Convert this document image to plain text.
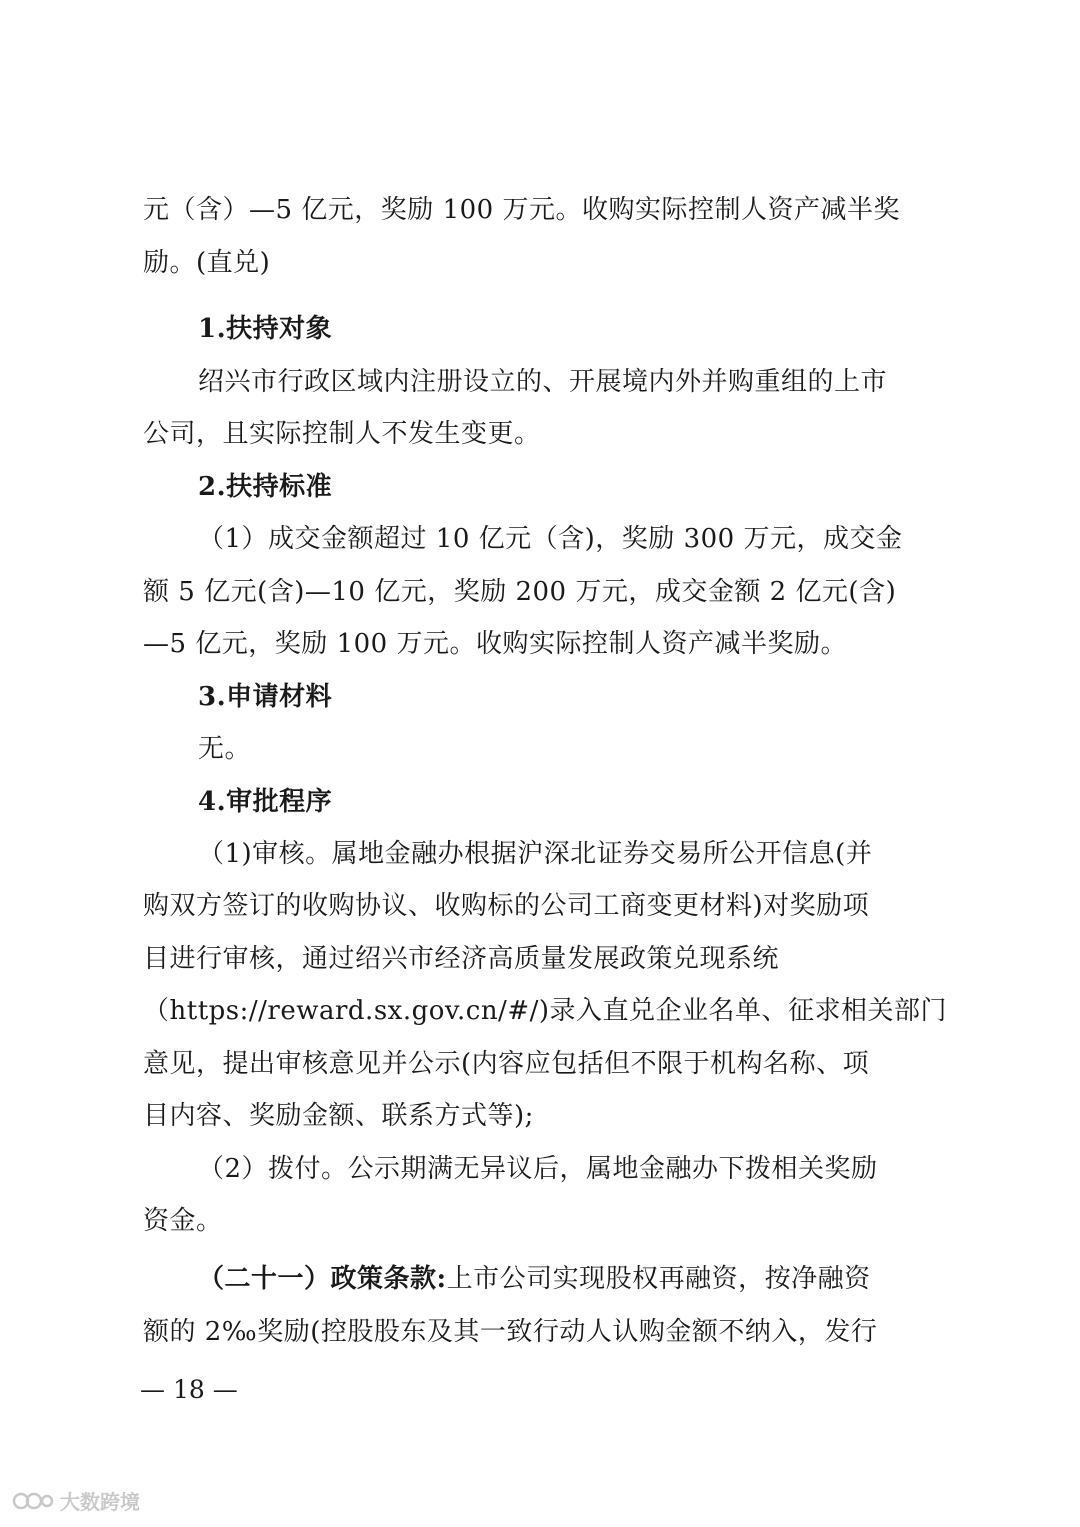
元（含）—5 亿元，奖励 100 万元。收购实际控制人资产减半奖
励。(直兑)
1.扶持对象
绍兴市行政区域内注册设立的、开展境内外并购重组的上市
公司，且实际控制人不发生变更。
2.扶持标准
（1）成交金额超过 10 亿元（含)，奖励 300 万元，成交金
额 5 亿元(含)—10 亿元，奖励 200 万元，成交金额 2 亿元(含)
—5 亿元，奖励 100 万元。收购实际控制人资产减半奖励。
3.申请材料
无。
4.审批程序
（1)审核。属地金融办根据沪深北证券交易所公开信息(并
购双方签订的收购协议、收购标的公司工商变更材料)对奖励项
目进行审核，通过绍兴市经济高质量发展政策兑现系统
（https://reward.sx.gov.cn/#/)录入直兑企业名单、征求相关部门
意见，提出审核意见并公示(内容应包括但不限于机构名称、项
目内容、奖励金额、联系方式等);
（2）拨付。公示期满无异议后，属地金融办下拨相关奖励
资金。
（二十一）政策条款:上市公司实现股权再融资，按净融资
额的 2‰奖励(控股股东及其一致行动人认购金额不纳入，发行
— 18 —
大数跨境
